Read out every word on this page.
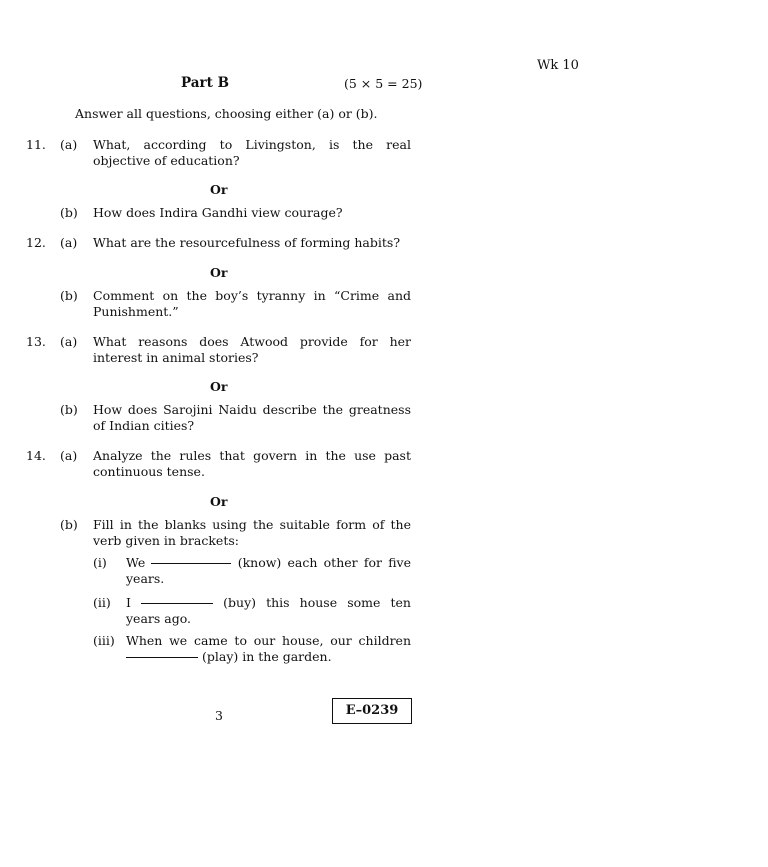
Wk 10
Part B	(5 × 5 = 25)
Answer all questions, choosing either (a) or (b).
11. (a) What, according to Livingston, is the real objective of education?
Or
(b) How does Indira Gandhi view courage?
12. (a) What are the resourcefulness of forming habits?
Or
(b) Comment on the boy’s tyranny in “Crime and Punishment.”
13. (a) What reasons does Atwood provide for her interest in animal stories?
Or
(b) How does Sarojini Naidu describe the greatness of Indian cities?
14. (a) Analyze the rules that govern in the use past continuous tense.
Or
(b) Fill in the blanks using the suitable form of the verb given in brackets:
(i) We	(know) each other for five years.
(ii) I	(buy) this house some ten years ago.
(iii) When we came to our house, our children  (play) in the garden.
3	E–0239
